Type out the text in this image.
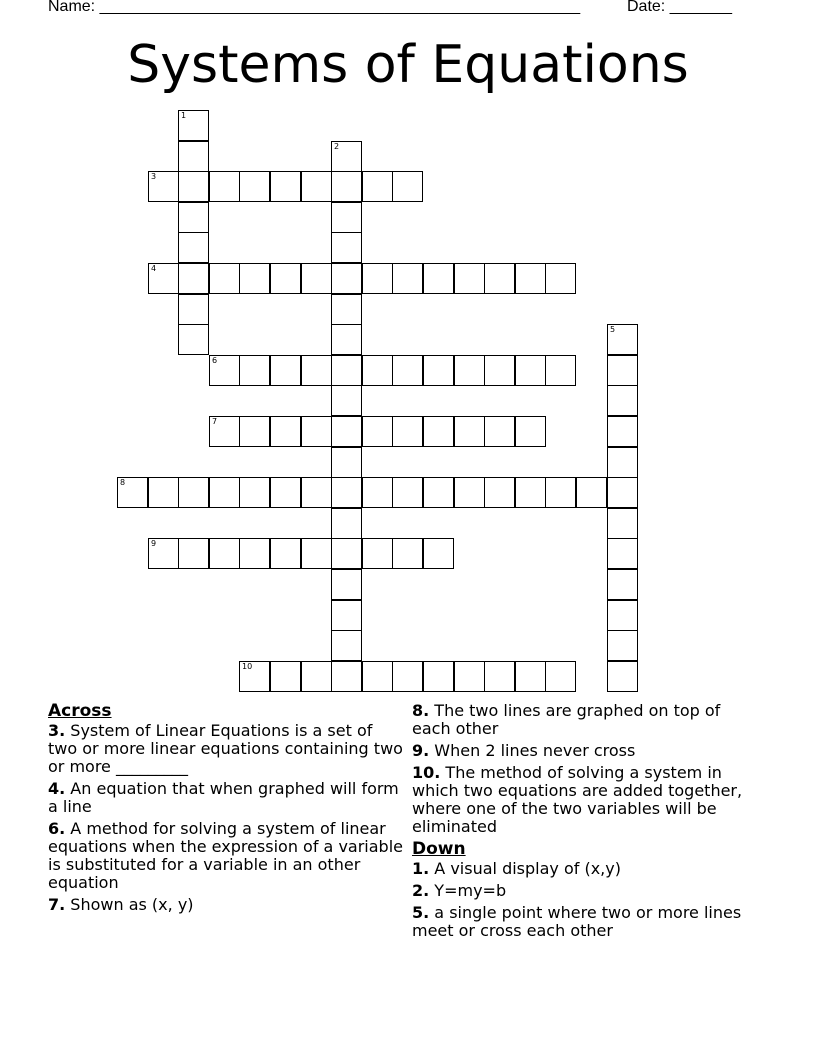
Name: ______________________________________________________	Date: _______
Systems of Equations
1
2
3
4
5
6
7
8
9
10
Across
3. System of Linear Equations is a set of two or more linear equations containing two or more _________
4. An equation that when graphed will form a line
6. A method for solving a system of linear equations when the expression of a variable is substituted for a variable in an other equation
7. Shown as (x, y)
8. The two lines are graphed on top of each other
9. When 2 lines never cross
10. The method of solving a system in which two equations are added together, where one of the two variables will be eliminated
Down
1. A visual display of (x,y)
2. Y=my=b
5. a single point where two or more lines meet or cross each other
